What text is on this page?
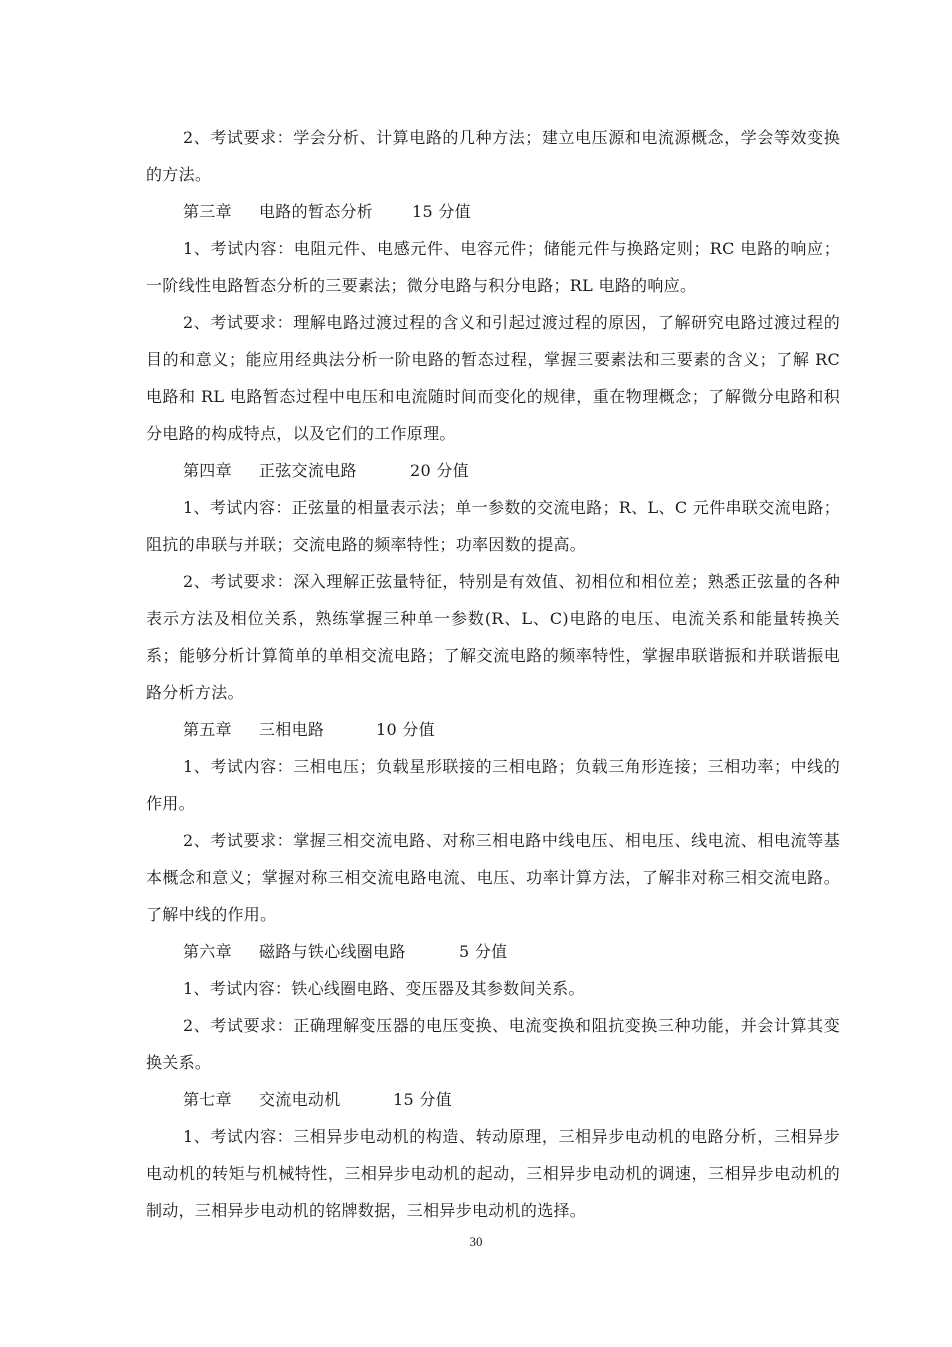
2、考试要求：学会分析、计算电路的几种方法；建立电压源和电流源概念，学会等效变换的方法。

第三章 电路的暂态分析 15 分值

1、考试内容：电阻元件、电感元件、电容元件；储能元件与换路定则；RC 电路的响应；一阶线性电路暂态分析的三要素法；微分电路与积分电路；RL 电路的响应。

2、考试要求：理解电路过渡过程的含义和引起过渡过程的原因，了解研究电路过渡过程的目的和意义；能应用经典法分析一阶电路的暂态过程，掌握三要素法和三要素的含义；了解 RC 电路和 RL 电路暂态过程中电压和电流随时间而变化的规律，重在物理概念；了解微分电路和积分电路的构成特点，以及它们的工作原理。

第四章 正弦交流电路	20 分值

1、考试内容：正弦量的相量表示法；单一参数的交流电路；R、L、C 元件串联交流电路；阻抗的串联与并联；交流电路的频率特性；功率因数的提高。

2、考试要求：深入理解正弦量特征，特别是有效值、初相位和相位差；熟悉正弦量的各种表示方法及相位关系，熟练掌握三种单一参数(R、L、C)电路的电压、电流关系和能量转换关系；能够分析计算简单的单相交流电路；了解交流电路的频率特性，掌握串联谐振和并联谐振电路分析方法。

第五章 三相电路	10 分值

1、考试内容：三相电压；负载星形联接的三相电路；负载三角形连接；三相功率；中线的作用。

2、考试要求：掌握三相交流电路、对称三相电路中线电压、相电压、线电流、相电流等基本概念和意义；掌握对称三相交流电路电流、电压、功率计算方法，了解非对称三相交流电路。了解中线的作用。

第六章 磁路与铁心线圈电路	5 分值

1、考试内容：铁心线圈电路、变压器及其参数间关系。

2、考试要求：正确理解变压器的电压变换、电流变换和阻抗变换三种功能，并会计算其变换关系。

第七章 交流电动机	15 分值

1、考试内容：三相异步电动机的构造、转动原理，三相异步电动机的电路分析，三相异步电动机的转矩与机械特性，三相异步电动机的起动，三相异步电动机的调速，三相异步电动机的制动，三相异步电动机的铭牌数据，三相异步电动机的选择。

30
